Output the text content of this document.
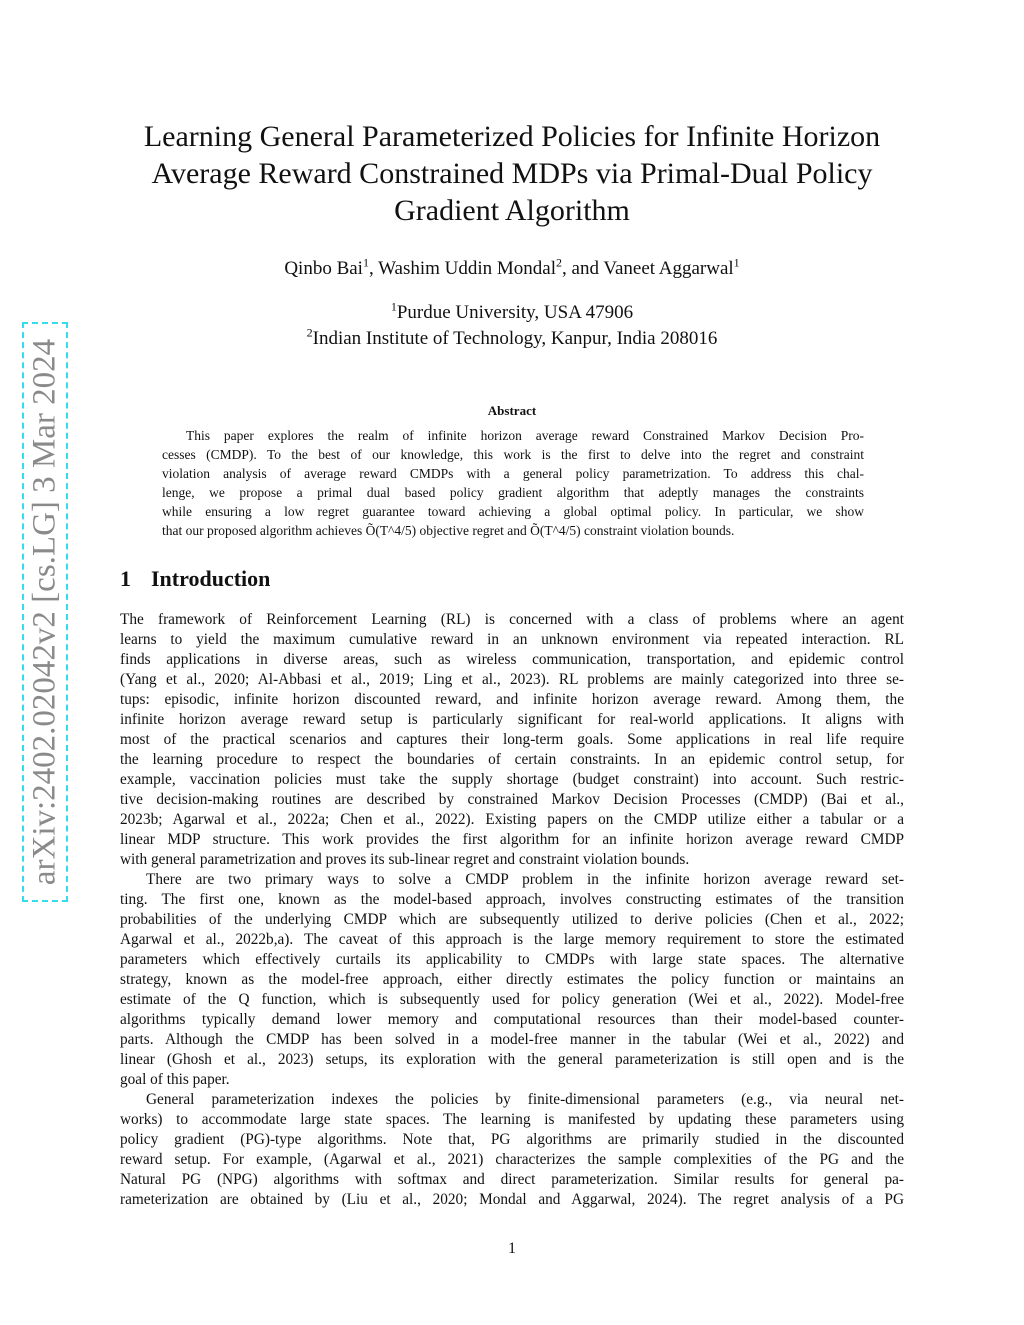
arXiv:2402.02042v2 [cs.LG] 3 Mar 2024
Learning General Parameterized Policies for Infinite Horizon
Average Reward Constrained MDPs via Primal-Dual Policy
Gradient Algorithm
Qinbo Bai$^1$, Washim Uddin Mondal$^2$, and Vaneet Aggarwal$^1$
$^1$Purdue University, USA 47906
$^2$Indian Institute of Technology, Kanpur, India 208016
Abstract
This paper explores the realm of infinite horizon average reward Constrained Markov Decision Pro-
cesses (CMDP). To the best of our knowledge, this work is the first to delve into the regret and constraint
violation analysis of average reward CMDPs with a general policy parametrization. To address this chal-
lenge, we propose a primal dual based policy gradient algorithm that adeptly manages the constraints
while ensuring a low regret guarantee toward achieving a global optimal policy. In particular, we show
that our proposed algorithm achieves Õ(T^4/5) objective regret and Õ(T^4/5) constraint violation bounds.
1 Introduction
The framework of Reinforcement Learning (RL) is concerned with a class of problems where an agent
learns to yield the maximum cumulative reward in an unknown environment via repeated interaction. RL
finds applications in diverse areas, such as wireless communication, transportation, and epidemic control
(Yang et al., 2020; Al-Abbasi et al., 2019; Ling et al., 2023). RL problems are mainly categorized into three se-
tups: episodic, infinite horizon discounted reward, and infinite horizon average reward. Among them, the
infinite horizon average reward setup is particularly significant for real-world applications. It aligns with
most of the practical scenarios and captures their long-term goals. Some applications in real life require
the learning procedure to respect the boundaries of certain constraints. In an epidemic control setup, for
example, vaccination policies must take the supply shortage (budget constraint) into account. Such restric-
tive decision-making routines are described by constrained Markov Decision Processes (CMDP) (Bai et al.,
2023b; Agarwal et al., 2022a; Chen et al., 2022). Existing papers on the CMDP utilize either a tabular or a
linear MDP structure. This work provides the first algorithm for an infinite horizon average reward CMDP
with general parametrization and proves its sub-linear regret and constraint violation bounds.
There are two primary ways to solve a CMDP problem in the infinite horizon average reward set-
ting. The first one, known as the model-based approach, involves constructing estimates of the transition
probabilities of the underlying CMDP which are subsequently utilized to derive policies (Chen et al., 2022;
Agarwal et al., 2022b,a). The caveat of this approach is the large memory requirement to store the estimated
parameters which effectively curtails its applicability to CMDPs with large state spaces. The alternative
strategy, known as the model-free approach, either directly estimates the policy function or maintains an
estimate of the Q function, which is subsequently used for policy generation (Wei et al., 2022). Model-free
algorithms typically demand lower memory and computational resources than their model-based counter-
parts. Although the CMDP has been solved in a model-free manner in the tabular (Wei et al., 2022) and
linear (Ghosh et al., 2023) setups, its exploration with the general parameterization is still open and is the
goal of this paper.
General parameterization indexes the policies by finite-dimensional parameters (e.g., via neural net-
works) to accommodate large state spaces. The learning is manifested by updating these parameters using
policy gradient (PG)-type algorithms. Note that, PG algorithms are primarily studied in the discounted
reward setup. For example, (Agarwal et al., 2021) characterizes the sample complexities of the PG and the
Natural PG (NPG) algorithms with softmax and direct parameterization. Similar results for general pa-
rameterization are obtained by (Liu et al., 2020; Mondal and Aggarwal, 2024). The regret analysis of a PG
1
